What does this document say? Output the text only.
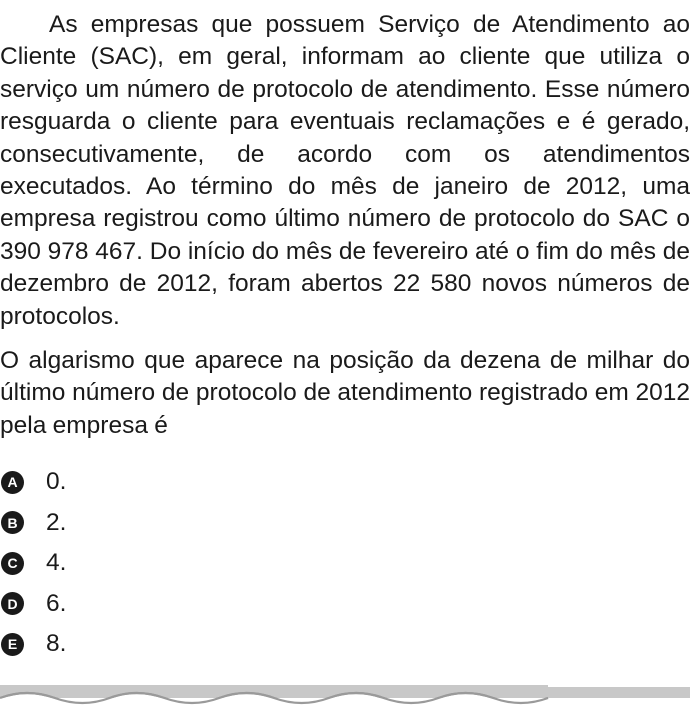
As empresas que possuem Serviço de Atendimento ao Cliente (SAC), em geral, informam ao cliente que utiliza o serviço um número de protocolo de atendimento. Esse número resguarda o cliente para eventuais reclamações e é gerado, consecutivamente, de acordo com os atendimentos executados. Ao término do mês de janeiro de 2012, uma empresa registrou como último número de protocolo do SAC o 390 978 467. Do início do mês de fevereiro até o fim do mês de dezembro de 2012, foram abertos 22 580 novos números de protocolos.

O algarismo que aparece na posição da dezena de milhar do último número de protocolo de atendimento registrado em 2012 pela empresa é

A 0.
B 2.
C 4.
D 6.
E 8.
